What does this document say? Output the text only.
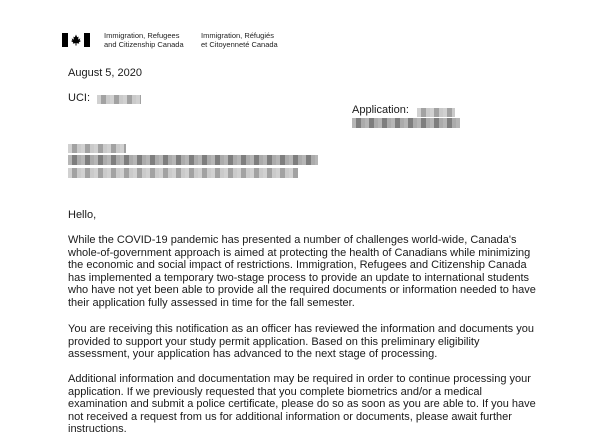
Immigration, Refugees
and Citizenship Canada
Immigration, Réfugiés
et Citoyenneté Canada
August 5, 2020
UCI:
Application:
Hello,
While the COVID-19 pandemic has presented a number of challenges world-wide, Canada's whole-of-government approach is aimed at protecting the health of Canadians while minimizing the economic and social impact of restrictions. Immigration, Refugees and Citizenship Canada has implemented a temporary two-stage process to provide an update to international students who have not yet been able to provide all the required documents or information needed to have their application fully assessed in time for the fall semester.
You are receiving this notification as an officer has reviewed the information and documents you provided to support your study permit application. Based on this preliminary eligibility assessment, your application has advanced to the next stage of processing.
Additional information and documentation may be required in order to continue processing your application. If we previously requested that you complete biometrics and/or a medical examination and submit a police certificate, please do so as soon as you are able to. If you have not received a request from us for additional information or documents, please await further instructions.
